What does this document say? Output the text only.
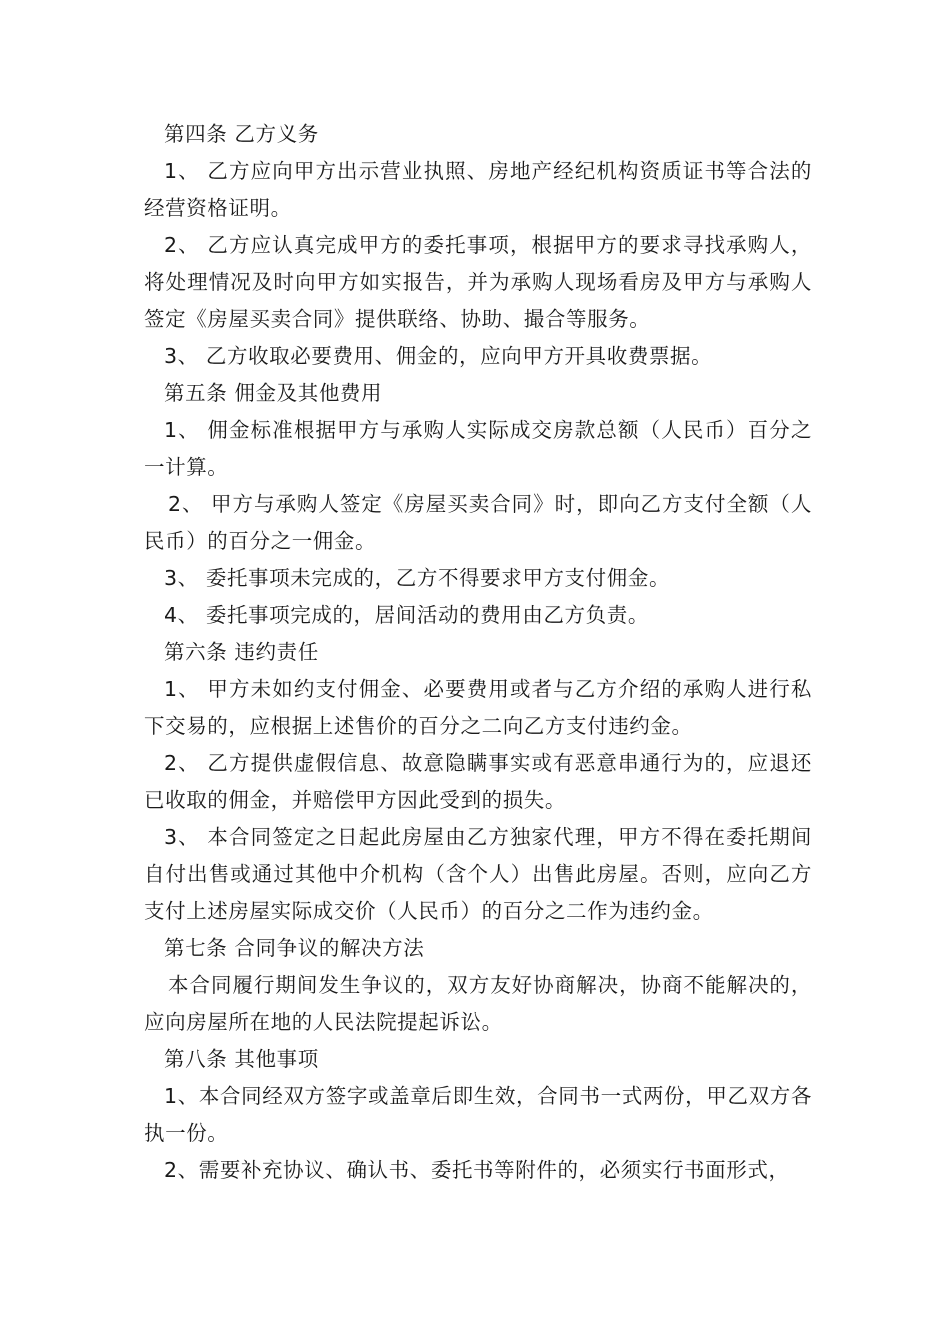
第四条 乙方义务

1、 乙方应向甲方出示营业执照、房地产经纪机构资质证书等合法的经营资格证明。

2、 乙方应认真完成甲方的委托事项，根据甲方的要求寻找承购人，将处理情况及时向甲方如实报告，并为承购人现场看房及甲方与承购人签定《房屋买卖合同》提供联络、协助、撮合等服务。

3、 乙方收取必要费用、佣金的，应向甲方开具收费票据。

第五条 佣金及其他费用

1、 佣金标准根据甲方与承购人实际成交房款总额（人民币）百分之一计算。

2、 甲方与承购人签定《房屋买卖合同》时，即向乙方支付全额（人民币）的百分之一佣金。

3、 委托事项未完成的，乙方不得要求甲方支付佣金。

4、 委托事项完成的，居间活动的费用由乙方负责。

第六条 违约责任

1、 甲方未如约支付佣金、必要费用或者与乙方介绍的承购人进行私下交易的，应根据上述售价的百分之二向乙方支付违约金。

2、 乙方提供虚假信息、故意隐瞒事实或有恶意串通行为的，应退还已收取的佣金，并赔偿甲方因此受到的损失。

3、 本合同签定之日起此房屋由乙方独家代理，甲方不得在委托期间自付出售或通过其他中介机构（含个人）出售此房屋。否则，应向乙方支付上述房屋实际成交价（人民币）的百分之二作为违约金。

第七条 合同争议的解决方法

本合同履行期间发生争议的，双方友好协商解决，协商不能解决的，应向房屋所在地的人民法院提起诉讼。

第八条 其他事项

1、本合同经双方签字或盖章后即生效，合同书一式两份，甲乙双方各执一份。

2、需要补充协议、确认书、委托书等附件的，必须实行书面形式，
